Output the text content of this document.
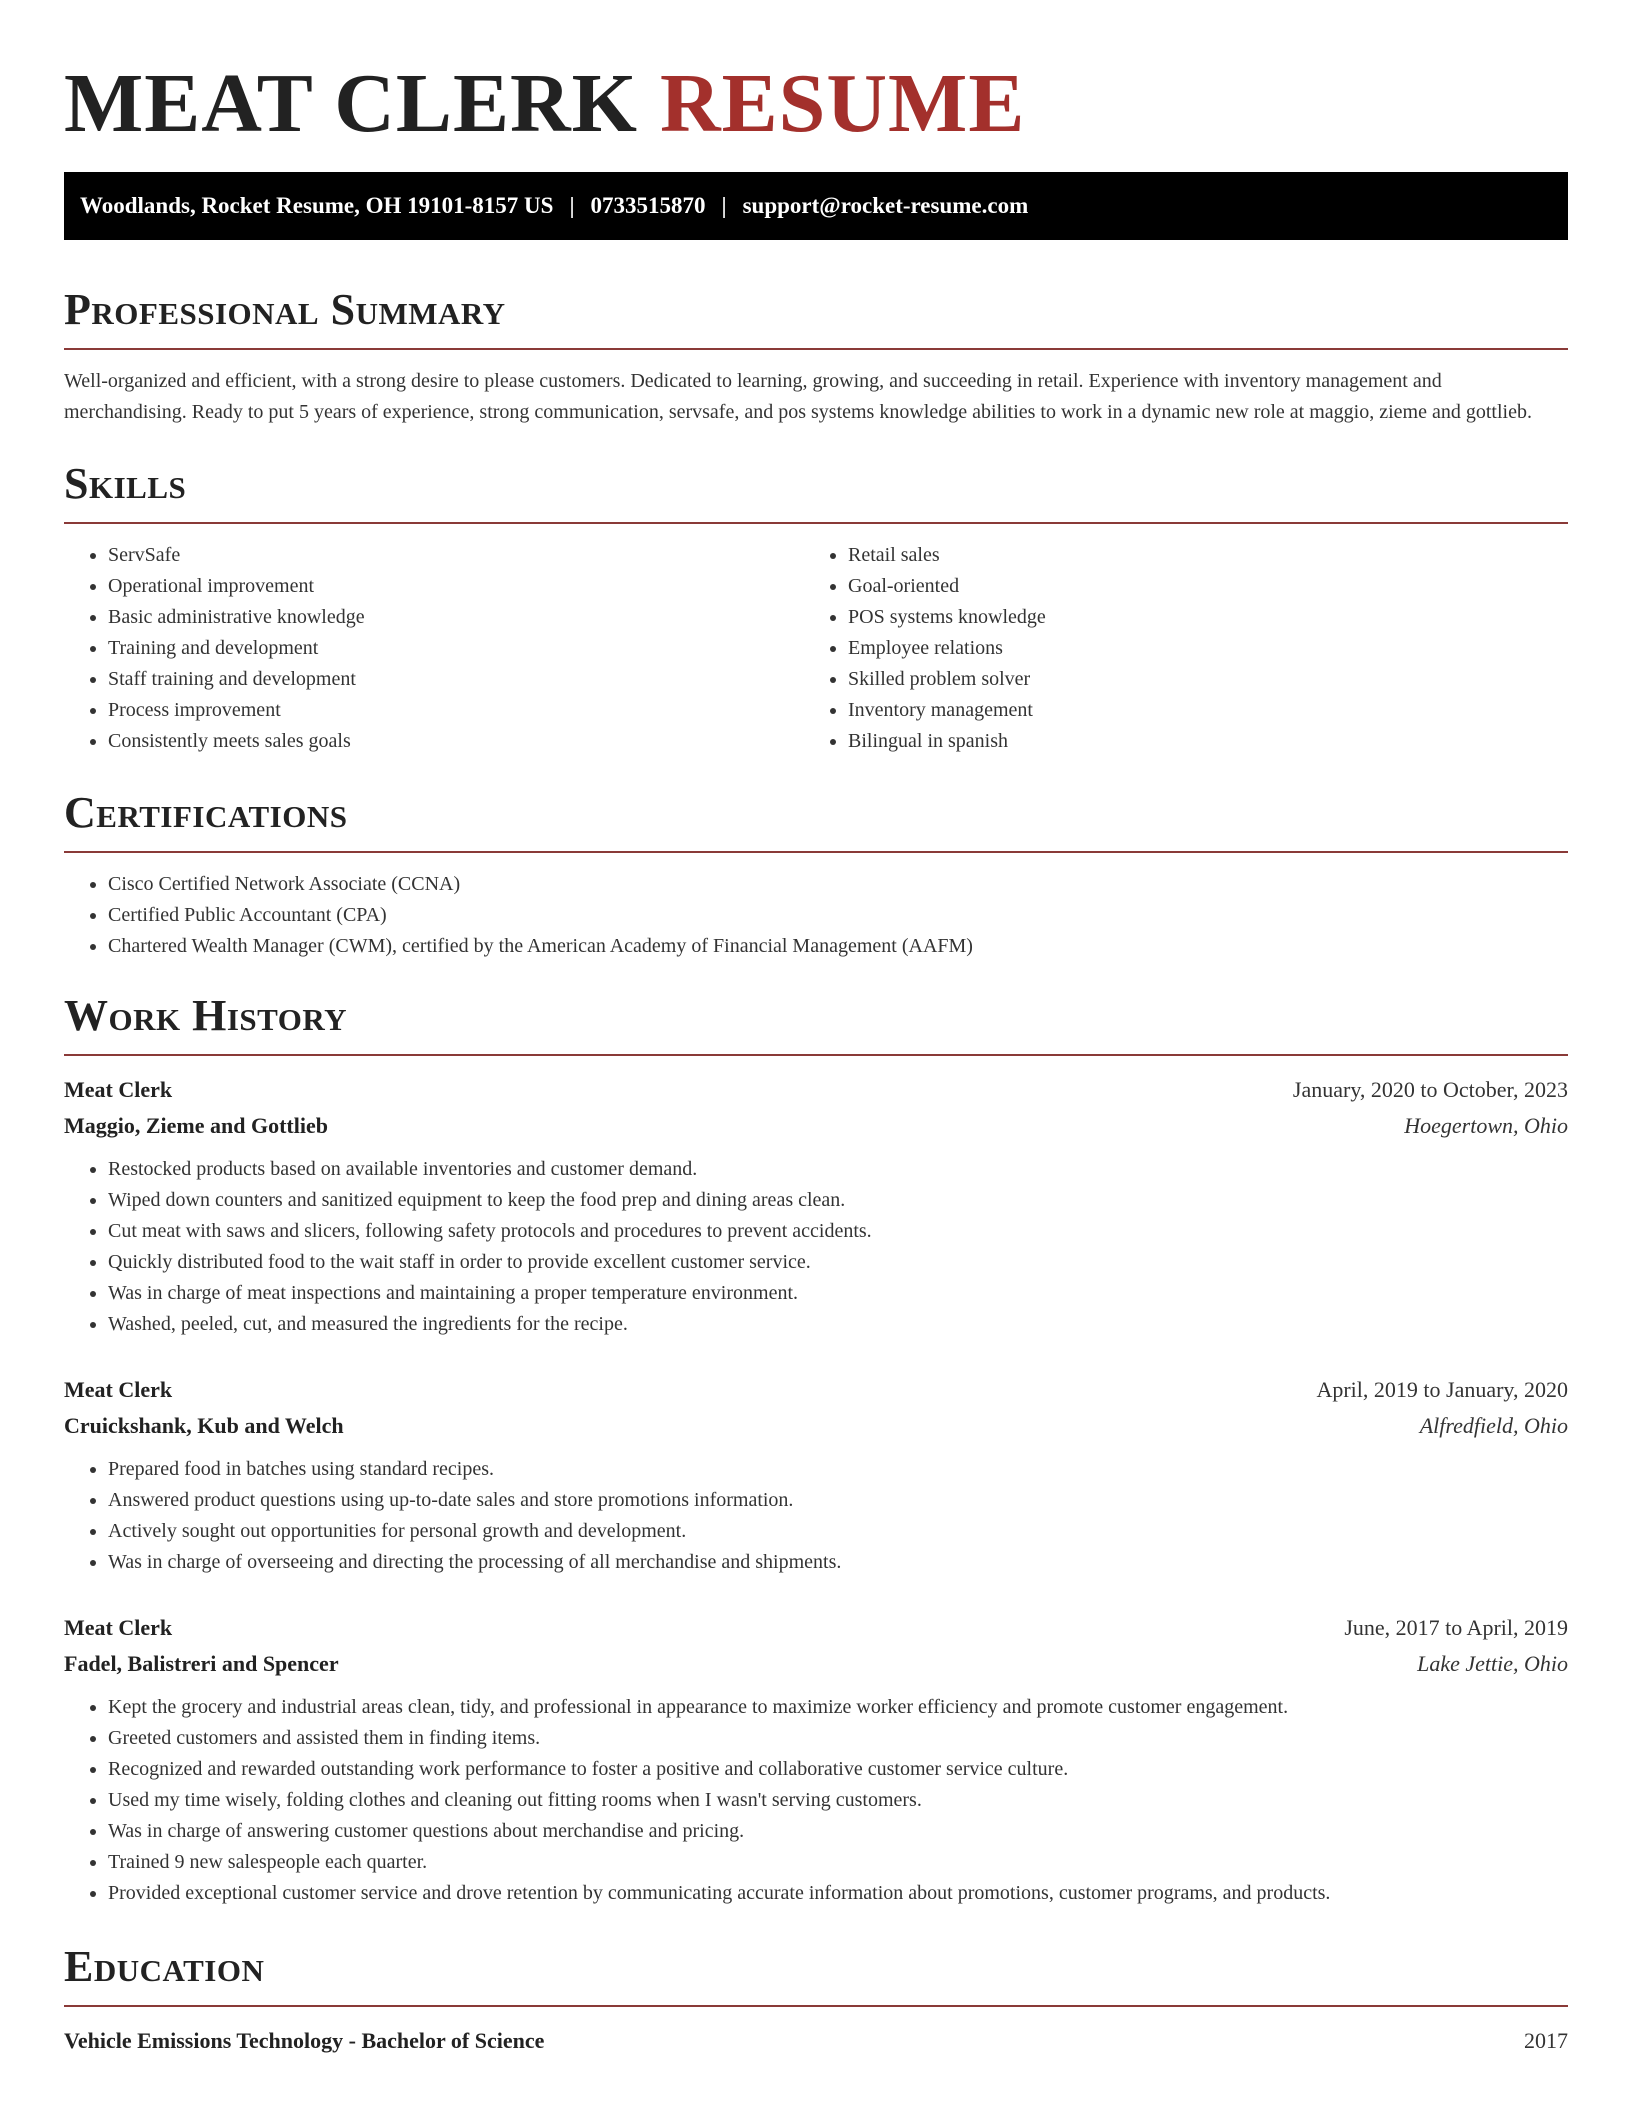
MEAT CLERK RESUME
Woodlands, Rocket Resume, OH 19101-8157 US | 0733515870 | support@rocket-resume.com
Professional Summary

Well-organized and efficient, with a strong desire to please customers. Dedicated to learning, growing, and succeeding in retail. Experience with inventory management and merchandising. Ready to put 5 years of experience, strong communication, servsafe, and pos systems knowledge abilities to work in a dynamic new role at maggio, zieme and gottlieb.

Skills
• ServSafe
• Operational improvement
• Basic administrative knowledge
• Training and development
• Staff training and development
• Process improvement
• Consistently meets sales goals
• Retail sales
• Goal-oriented
• POS systems knowledge
• Employee relations
• Skilled problem solver
• Inventory management
• Bilingual in spanish
Certifications
• Cisco Certified Network Associate (CCNA)
• Certified Public Accountant (CPA)
• Chartered Wealth Manager (CWM), certified by the American Academy of Financial Management (AAFM)
Work History
Meat Clerk	January, 2020 to October, 2023
Maggio, Zieme and Gottlieb	Hoegertown, Ohio
• Restocked products based on available inventories and customer demand.
• Wiped down counters and sanitized equipment to keep the food prep and dining areas clean.
• Cut meat with saws and slicers, following safety protocols and procedures to prevent accidents.
• Quickly distributed food to the wait staff in order to provide excellent customer service.
• Was in charge of meat inspections and maintaining a proper temperature environment.
• Washed, peeled, cut, and measured the ingredients for the recipe.
Meat Clerk	April, 2019 to January, 2020
Cruickshank, Kub and Welch	Alfredfield, Ohio
• Prepared food in batches using standard recipes.
• Answered product questions using up-to-date sales and store promotions information.
• Actively sought out opportunities for personal growth and development.
• Was in charge of overseeing and directing the processing of all merchandise and shipments.
Meat Clerk	June, 2017 to April, 2019
Fadel, Balistreri and Spencer	Lake Jettie, Ohio
• Kept the grocery and industrial areas clean, tidy, and professional in appearance to maximize worker efficiency and promote customer engagement.
• Greeted customers and assisted them in finding items.
• Recognized and rewarded outstanding work performance to foster a positive and collaborative customer service culture.
• Used my time wisely, folding clothes and cleaning out fitting rooms when I wasn't serving customers.
• Was in charge of answering customer questions about merchandise and pricing.
• Trained 9 new salespeople each quarter.
• Provided exceptional customer service and drove retention by communicating accurate information about promotions, customer programs, and products.
Education
Vehicle Emissions Technology - Bachelor of Science	2017
